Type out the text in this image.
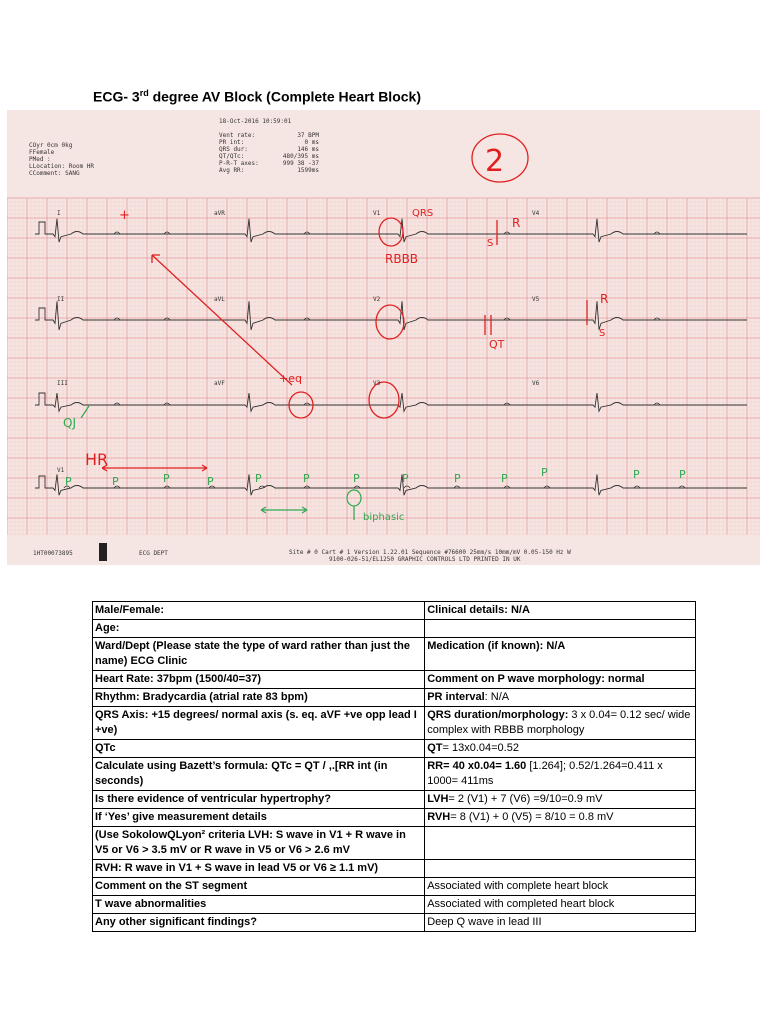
ECG- 3rd degree AV Block (Complete Heart Block)
COyr 0cm 0kg
FFemale
PMed :
LLocation: Room HR
CComment: SANG
18-Oct-2016 10:59:01
Vent rate:	37 BPM
PR int:	0 ms
QRS dur:	146 ms
QT/QTc:	480/395 ms
P-R-T axes:	999 38 -37
Avg RR:	1599ms
I	aVR	V1	V4
II	aVL	V2	V5
III	aVF	V3	V6
V1
1HT00073895	ECG DEPT	Site # 0 Cart # 1 Version 1.22.01 Sequence #76600 25mm/s 10mm/mV 0.05-150 Hz W
9100-026-51/EL1250 GRAPHIC CONTROLS LTD PRINTED IN UK
+
2
QRS
RBBB
R
S
R
S
QT
+eq
QJ
HR
biphasic
P	P	P	P	P	P	P	P	P	P	P	P	P
Male/Female:	Clinical details: N/A
Age:	
Ward/Dept (Please state the type of ward rather than just the name) ECG Clinic	Medication (if known): N/A
Heart Rate: 37bpm (1500/40=37)	Comment on P wave morphology: normal
Rhythm: Bradycardia (atrial rate 83 bpm)	PR interval: N/A
QRS Axis: +15 degrees/ normal axis (s. eq. aVF +ve opp lead I +ve)	QRS duration/morphology: 3 x 0.04= 0.12 sec/ wide complex with RBBB morphology
QTc	QT= 13x0.04=0.52
Calculate using Bazett’s formula: QTc = QT / ,.[RR int (in seconds)	RR= 40 x0.04= 1.60 [1.264]; 0.52/1.264=0.411 x 1000= 411ms
Is there evidence of ventricular hypertrophy?	LVH= 2 (V1) + 7 (V6) =9/10=0.9 mV
If ‘Yes’ give measurement details	RVH= 8 (V1) + 0 (V5) = 8/10 = 0.8 mV
(Use SokolowQLyon² criteria LVH: S wave in V1 + R wave in V5 or V6 > 3.5 mV or R wave in V5 or V6 > 2.6 mV	
RVH: R wave in V1 + S wave in lead V5 or V6 ≥ 1.1 mV)	
Comment on the ST segment	Associated with complete heart block
T wave abnormalities	Associated with completed heart block
Any other significant findings?	Deep Q wave in lead III
